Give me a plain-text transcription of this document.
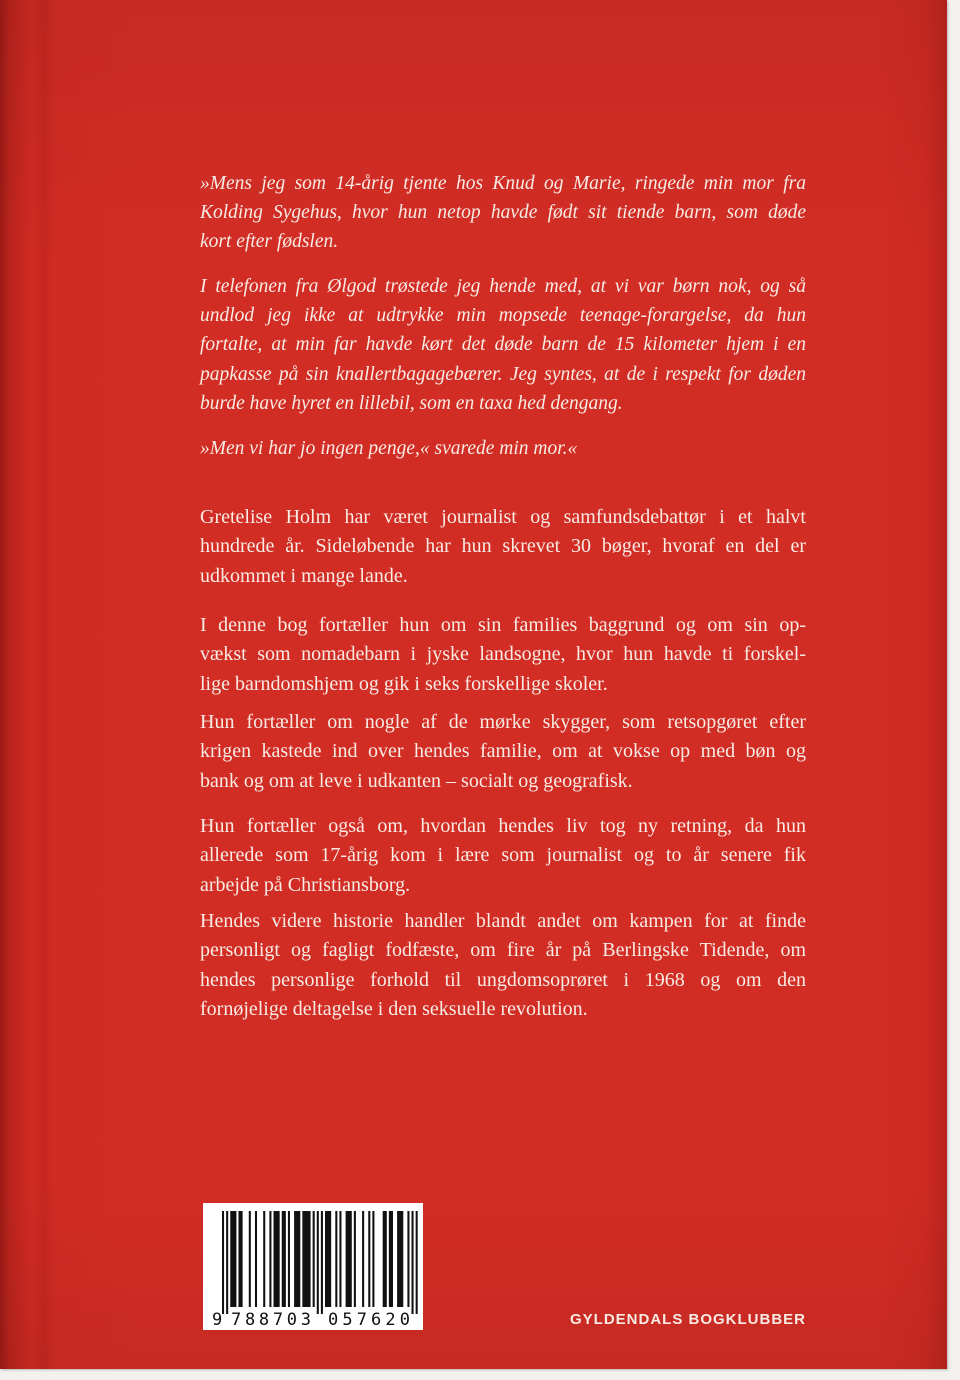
»Mens jeg som 14-årig tjente hos Knud og Marie, ringede min mor fra
Kolding Sygehus, hvor hun netop havde født sit tiende barn, som døde
kort efter fødslen.
I telefonen fra Ølgod trøstede jeg hende med, at vi var børn nok, og så
undlod jeg ikke at udtrykke min mopsede teenage-forargelse, da hun
fortalte, at min far havde kørt det døde barn de 15 kilometer hjem i en
papkasse på sin knallertbagagebærer. Jeg syntes, at de i respekt for døden
burde have hyret en lillebil, som en taxa hed dengang.
»Men vi har jo ingen penge,« svarede min mor.«
Gretelise Holm har været journalist og samfundsdebattør i et halvt
hundrede år. Sideløbende har hun skrevet 30 bøger, hvoraf en del er
udkommet i mange lande.
I denne bog fortæller hun om sin families baggrund og om sin op-
vækst som nomadebarn i jyske landsogne, hvor hun havde ti forskel-
lige barndomshjem og gik i seks forskellige skoler.
Hun fortæller om nogle af de mørke skygger, som retsopgøret efter
krigen kastede ind over hendes familie, om at vokse op med bøn og
bank og om at leve i udkanten – socialt og geografisk.
Hun fortæller også om, hvordan hendes liv tog ny retning, da hun
allerede som 17-årig kom i lære som journalist og to år senere fik
arbejde på Christiansborg.
Hendes videre historie handler blandt andet om kampen for at finde
personligt og fagligt fodfæste, om fire år på Berlingske Tidende, om
hendes personlige forhold til ungdomsoprøret i 1968 og om den
fornøjelige deltagelse i den seksuelle revolution.
9 788703 057620	GYLDENDALS BOGKLUBBER
